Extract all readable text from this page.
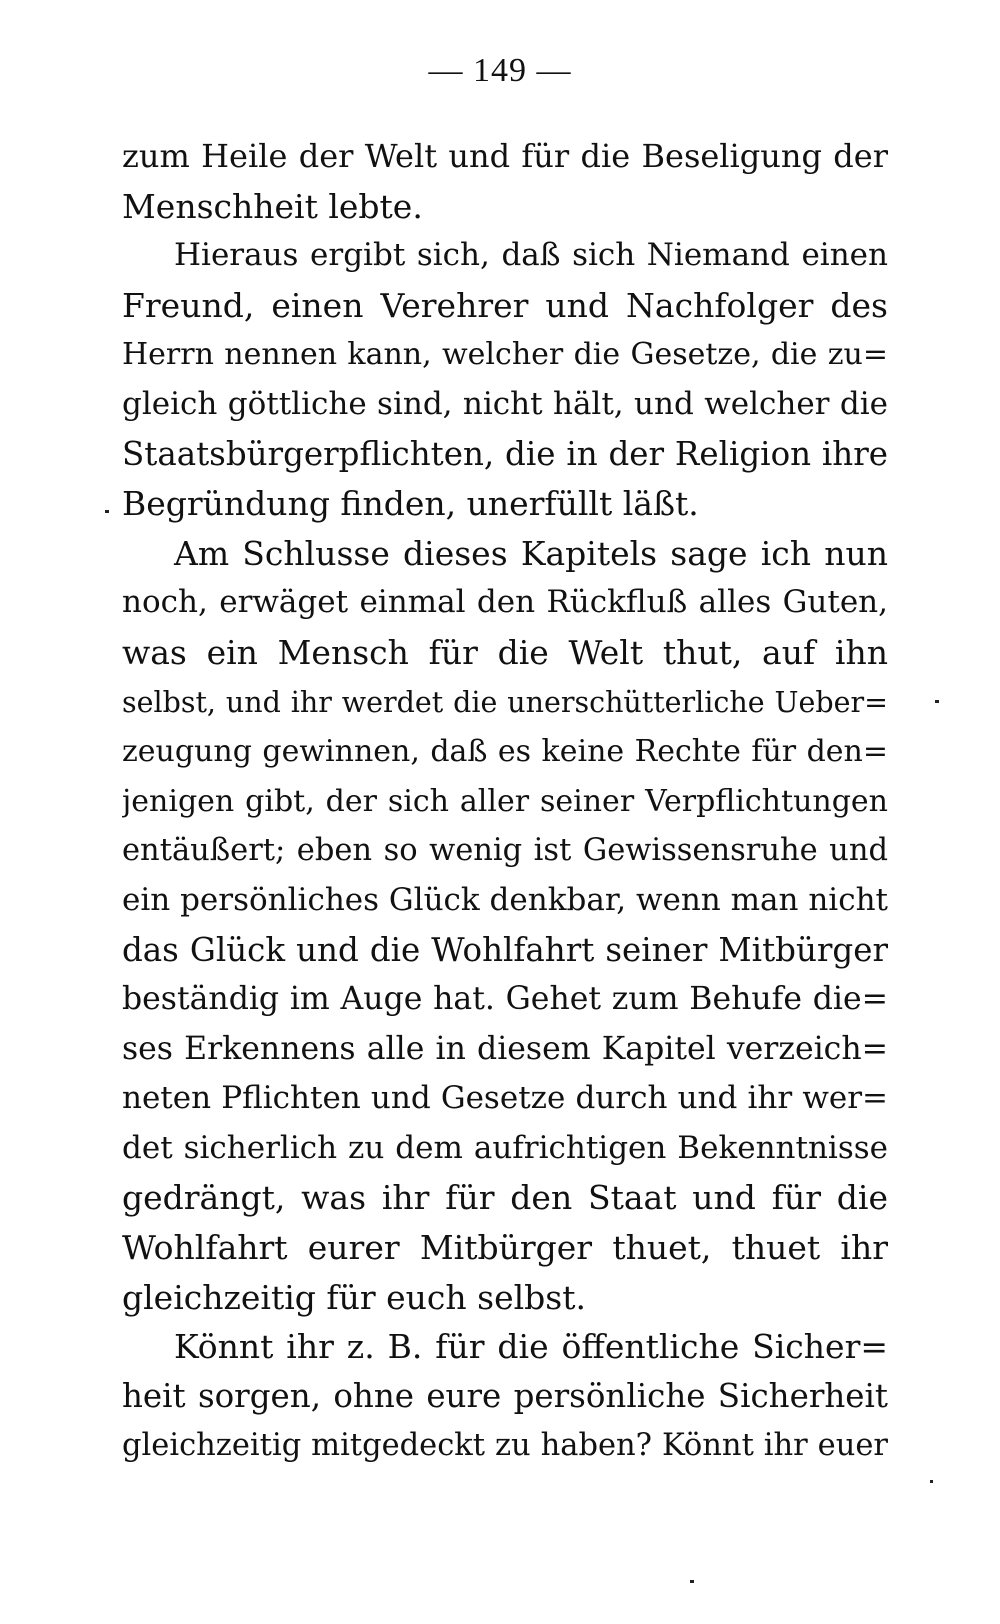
— 149 —
zum Heile der Welt und für die Beseligung der
Menschheit lebte.
Hieraus ergibt sich, daß sich Niemand einen
Freund, einen Verehrer und Nachfolger des
Herrn nennen kann, welcher die Gesetze, die zu=
gleich göttliche sind, nicht hält, und welcher die
Staatsbürgerpflichten, die in der Religion ihre
Begründung finden, unerfüllt läßt.
Am Schlusse dieses Kapitels sage ich nun
noch, erwäget einmal den Rückfluß alles Guten,
was ein Mensch für die Welt thut, auf ihn
selbst, und ihr werdet die unerschütterliche Ueber=
zeugung gewinnen, daß es keine Rechte für den=
jenigen gibt, der sich aller seiner Verpflichtungen
entäußert; eben so wenig ist Gewissensruhe und
ein persönliches Glück denkbar, wenn man nicht
das Glück und die Wohlfahrt seiner Mitbürger
beständig im Auge hat. Gehet zum Behufe die=
ses Erkennens alle in diesem Kapitel verzeich=
neten Pflichten und Gesetze durch und ihr wer=
det sicherlich zu dem aufrichtigen Bekenntnisse
gedrängt, was ihr für den Staat und für die
Wohlfahrt eurer Mitbürger thuet, thuet ihr
gleichzeitig für euch selbst.
Könnt ihr z. B. für die öffentliche Sicher=
heit sorgen, ohne eure persönliche Sicherheit
gleichzeitig mitgedeckt zu haben? Könnt ihr euer
